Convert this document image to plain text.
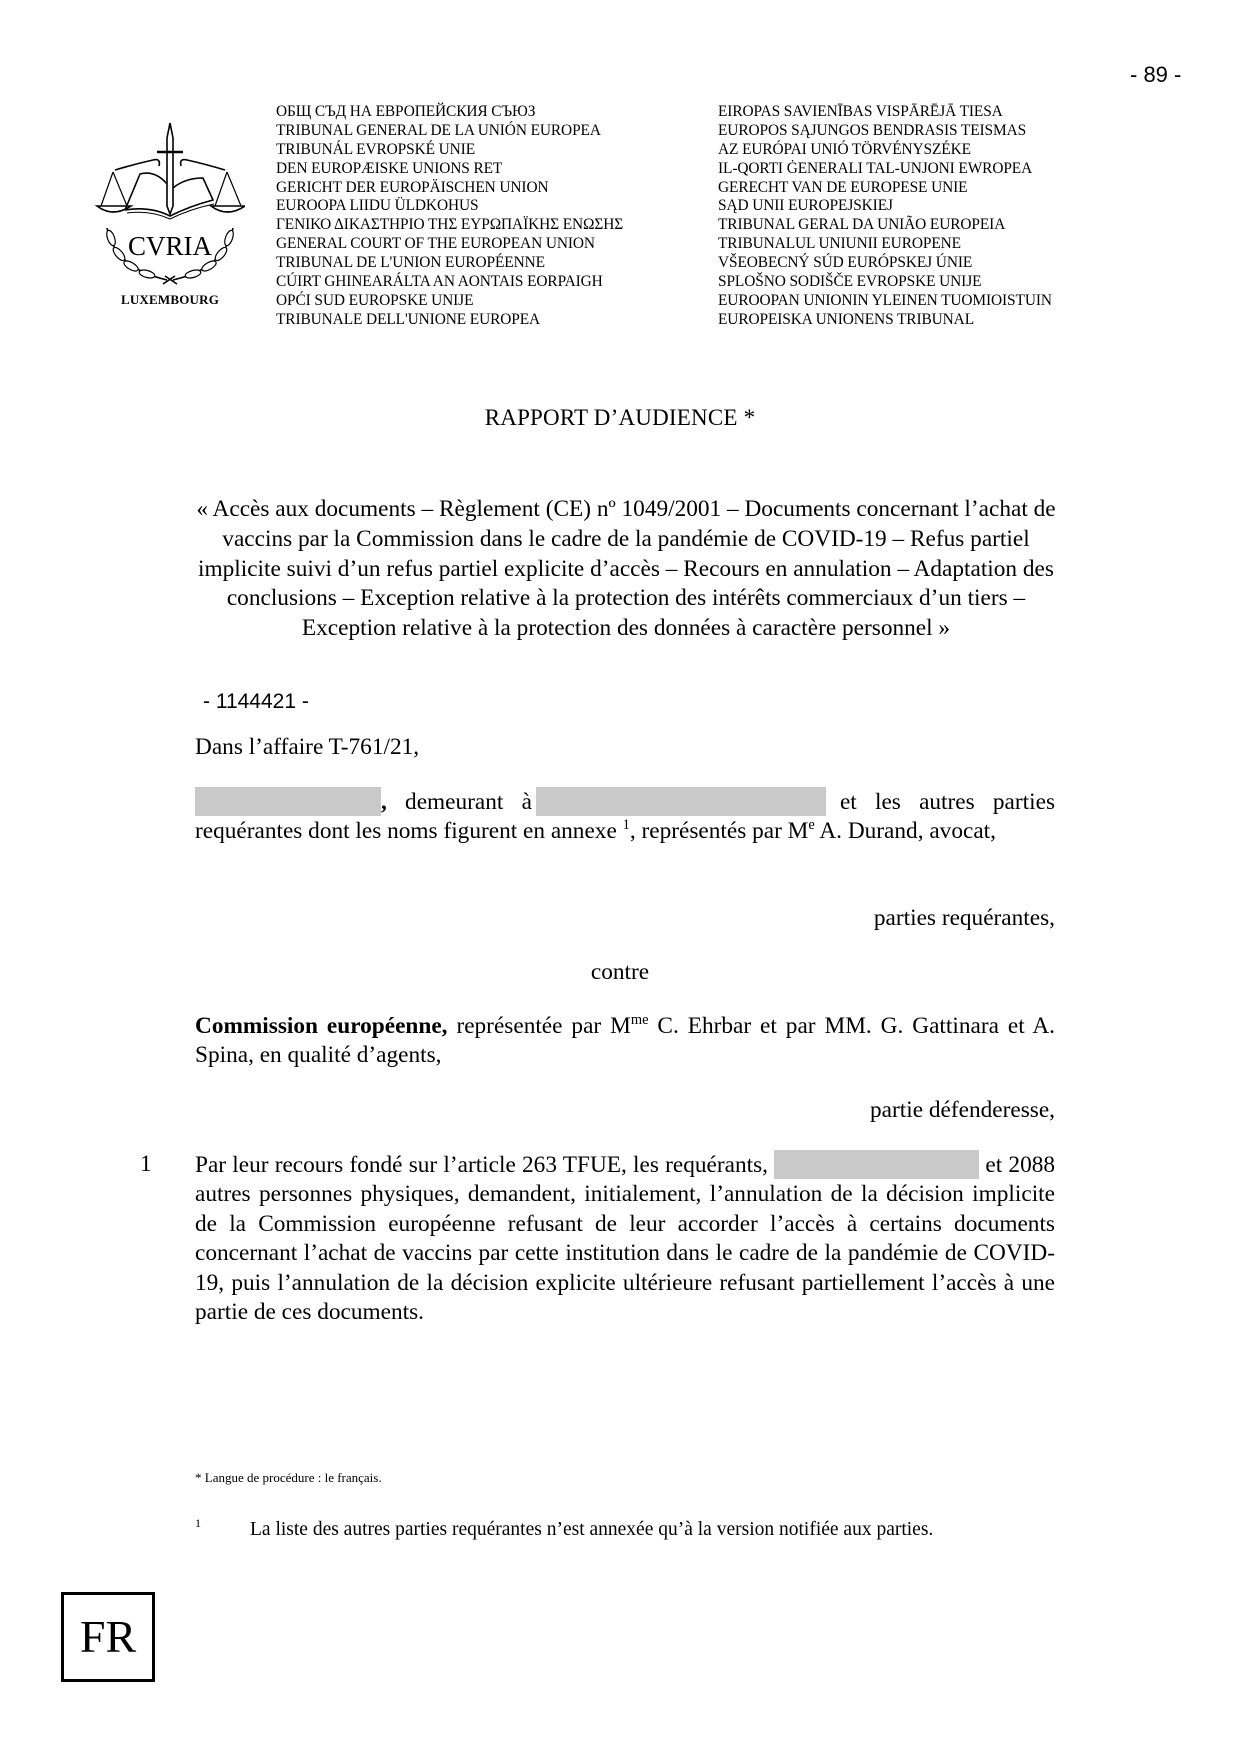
- 89 -
CVRIA
LUXEMBOURG
ОБЩ СЪД НА ЕВРОПЕЙСКИЯ СЪЮЗ
TRIBUNAL GENERAL DE LA UNIÓN EUROPEA
TRIBUNÁL EVROPSKÉ UNIE
DEN EUROPÆISKE UNIONS RET
GERICHT DER EUROPÄISCHEN UNION
EUROOPA LIIDU ÜLDKOHUS
ΓΕΝΙΚΟ ΔΙΚΑΣΤΗΡΙΟ ΤΗΣ ΕΥΡΩΠΑΪΚΗΣ ΕΝΩΣΗΣ
GENERAL COURT OF THE EUROPEAN UNION
TRIBUNAL DE L'UNION EUROPÉENNE
CÚIRT GHINEARÁLTA AN AONTAIS EORPAIGH
OPĆI SUD EUROPSKE UNIJE
TRIBUNALE DELL'UNIONE EUROPEA
EIROPAS SAVIENĪBAS VISPĀRĒJĀ TIESA
EUROPOS SĄJUNGOS BENDRASIS TEISMAS
AZ EURÓPAI UNIÓ TÖRVÉNYSZÉKE
IL-QORTI ĠENERALI TAL-UNJONI EWROPEA
GERECHT VAN DE EUROPESE UNIE
SĄD UNII EUROPEJSKIEJ
TRIBUNAL GERAL DA UNIÃO EUROPEIA
TRIBUNALUL UNIUNII EUROPENE
VŠEOBECNÝ SÚD EURÓPSKEJ ÚNIE
SPLOŠNO SODIŠČE EVROPSKE UNIJE
EUROOPAN UNIONIN YLEINEN TUOMIOISTUIN
EUROPEISKA UNIONENS TRIBUNAL
RAPPORT D’AUDIENCE *
« Accès aux documents – Règlement (CE) nº 1049/2001 – Documents concernant l’achat de vaccins par la Commission dans le cadre de la pandémie de COVID-19 – Refus partiel implicite suivi d’un refus partiel explicite d’accès – Recours en annulation – Adaptation des conclusions – Exception relative à la protection des intérêts commerciaux d’un tiers – Exception relative à la protection des données à caractère personnel »
- 1144421 -
Dans l’affaire T-761/21,
, demeurant à	et les autres parties requérantes dont les noms figurent en annexe $^1$, représentés par Me A. Durand, avocat,
parties requérantes,
contre
Commission européenne, représentée par $M^{me}$ C. Ehrbar et par MM. G. Gattinara et A. Spina, en qualité d’agents,
partie défenderesse,
1 Par leur recours fondé sur l’article 263 TFUE, les requérants,	et 2088 autres personnes physiques, demandent, initialement, l’annulation de la décision implicite de la Commission européenne refusant de leur accorder l’accès à certains documents concernant l’achat de vaccins par cette institution dans le cadre de la pandémie de COVID-19, puis l’annulation de la décision explicite ultérieure refusant partiellement l’accès à une partie de ces documents.
* Langue de procédure : le français.
1	La liste des autres parties requérantes n’est annexée qu’à la version notifiée aux parties.
FR
